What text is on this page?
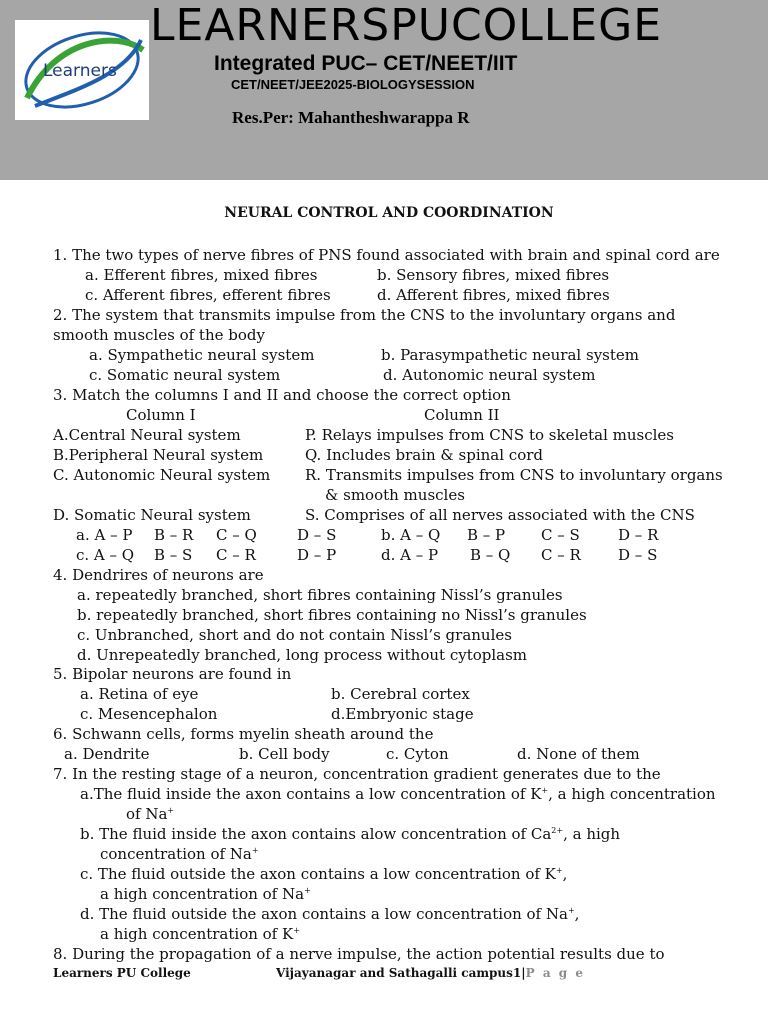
Learners
LEARNERSPUCOLLEGE
Integrated PUC– CET/NEET/IIT
CET/NEET/JEE2025-BIOLOGYSESSION
Res.Per: Mahantheshwarappa R
NEURAL CONTROL AND COORDINATION
1. The two types of nerve fibres of PNS found associated with brain and spinal cord are
a. Efferent fibres, mixed fibres	b. Sensory fibres, mixed fibres
c. Afferent fibres, efferent fibres	d. Afferent fibres, mixed fibres
2. The system that transmits impulse from the CNS to the involuntary organs and
smooth muscles of the body
a. Sympathetic neural system	b. Parasympathetic neural system
c. Somatic neural system	d. Autonomic neural system
3. Match the columns I and II and choose the correct option
Column I	Column II
A.Central Neural system	P. Relays impulses from CNS to skeletal muscles
B.Peripheral Neural system	Q. Includes brain & spinal cord
C. Autonomic Neural system R. Transmits impulses from CNS to involuntary organs
& smooth muscles
D. Somatic Neural system	S. Comprises of all nerves associated with the CNS
a. A – P B – R C – Q	D – S	b. A – Q B – P C – S	D – R
c. A – Q B – S C – R	D – P	d. A – P B – Q C – R D – S
4. Dendrires of neurons are
a. repeatedly branched, short fibres containing Nissl’s granules
b. repeatedly branched, short fibres containing no Nissl’s granules
c. Unbranched, short and do not contain Nissl’s granules
d. Unrepeatedly branched, long process without cytoplasm
5. Bipolar neurons are found in
a. Retina of eye	b. Cerebral cortex
c. Mesencephalon	d.Embryonic stage
6. Schwann cells, forms myelin sheath around the
a. Dendrite	b. Cell body	c. Cyton	d. None of them
7. In the resting stage of a neuron, concentration gradient generates due to the
a.The fluid inside the axon contains a low concentration of K+, a high concentration
of Na+
b. The fluid inside the axon contains alow concentration of $Ca^{2+}$, a high
concentration of Na+
c. The fluid outside the axon contains a low concentration of K+,
a high concentration of Na+
d. The fluid outside the axon contains a low concentration of Na+,
a high concentration of K+
8. During the propagation of a nerve impulse, the action potential results due to
Learners PU College	Vijayanagar and Sathagalli campus1|P a g e
